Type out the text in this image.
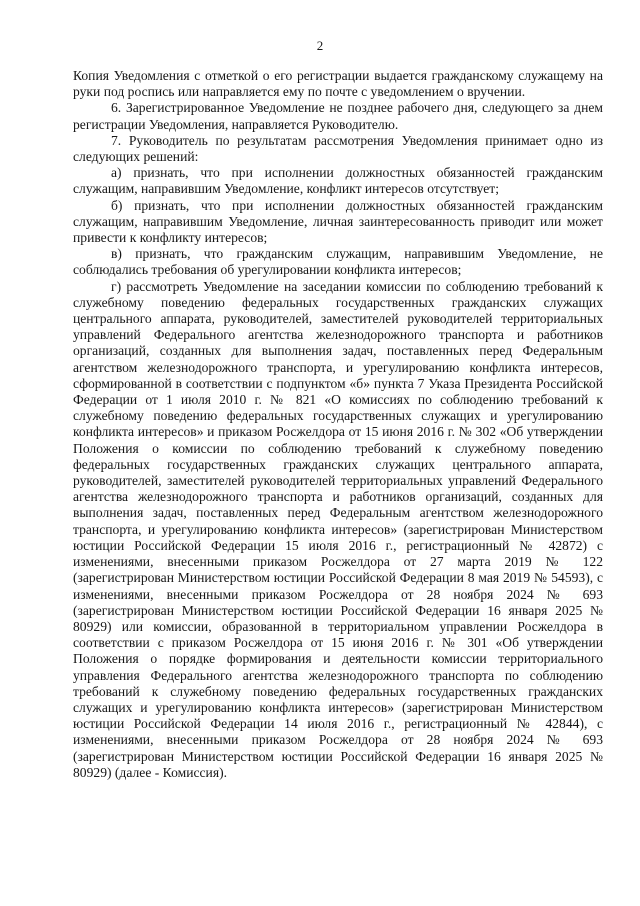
2

Копия Уведомления с отметкой о его регистрации выдается гражданскому служащему на руки под роспись или направляется ему по почте с уведомлением о вручении.

6. Зарегистрированное Уведомление не позднее рабочего дня, следующего за днем регистрации Уведомления, направляется Руководителю.

7. Руководитель по результатам рассмотрения Уведомления принимает одно из следующих решений:

а) признать, что при исполнении должностных обязанностей гражданским служащим, направившим Уведомление, конфликт интересов отсутствует;

б) признать, что при исполнении должностных обязанностей гражданским служащим, направившим Уведомление, личная заинтересованность приводит или может привести к конфликту интересов;

в) признать, что гражданским служащим, направившим Уведомление, не соблюдались требования об урегулировании конфликта интересов;

г) рассмотреть Уведомление на заседании комиссии по соблюдению требований к служебному поведению федеральных государственных гражданских служащих центрального аппарата, руководителей, заместителей руководителей территориальных управлений Федерального агентства железнодорожного транспорта и работников организаций, созданных для выполнения задач, поставленных перед Федеральным агентством железнодорожного транспорта, и урегулированию конфликта интересов, сформированной в соответствии с подпунктом «б» пункта 7 Указа Президента Российской Федерации от 1 июля 2010 г. № 821 «О комиссиях по соблюдению требований к служебному поведению федеральных государственных служащих и урегулированию конфликта интересов» и приказом Росжелдора от 15 июня 2016 г. № 302 «Об утверждении Положения о комиссии по соблюдению требований к служебному поведению федеральных государственных гражданских служащих центрального аппарата, руководителей, заместителей руководителей территориальных управлений Федерального агентства железнодорожного транспорта и работников организаций, созданных для выполнения задач, поставленных перед Федеральным агентством железнодорожного транспорта, и урегулированию конфликта интересов» (зарегистрирован Министерством юстиции Российской Федерации 15 июля 2016 г., регистрационный № 42872) с изменениями, внесенными приказом Росжелдора от 27 марта 2019 № 122 (зарегистрирован Министерством юстиции Российской Федерации 8 мая 2019 № 54593), с изменениями, внесенными приказом Росжелдора от 28 ноября 2024 № 693 (зарегистрирован Министерством юстиции Российской Федерации 16 января 2025 № 80929) или комиссии, образованной в территориальном управлении Росжелдора в соответствии с приказом Росжелдора от 15 июня 2016 г. № 301 «Об утверждении Положения о порядке формирования и деятельности комиссии территориального управления Федерального агентства железнодорожного транспорта по соблюдению требований к служебному поведению федеральных государственных гражданских служащих и урегулированию конфликта интересов» (зарегистрирован Министерством юстиции Российской Федерации 14 июля 2016 г., регистрационный № 42844), с изменениями, внесенными приказом Росжелдора от 28 ноября 2024 № 693 (зарегистрирован Министерством юстиции Российской Федерации 16 января 2025 № 80929) (далее - Комиссия).
